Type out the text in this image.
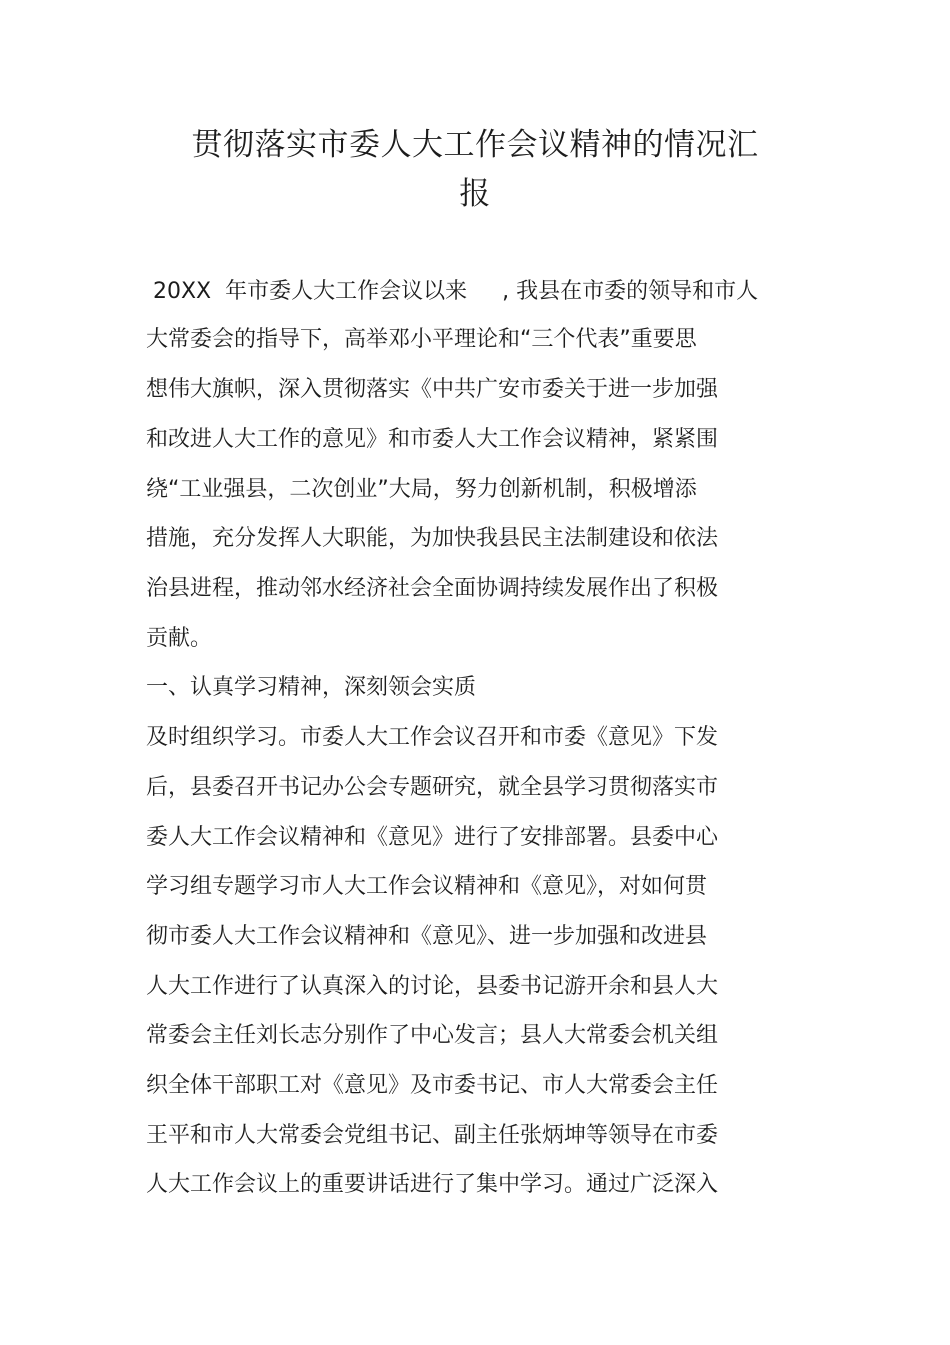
贯彻落实市委人大工作会议精神的情况汇
报
20XX  年市委人大工作会议以来     , 我县在市委的领导和市人
大常委会的指导下，高举邓小平理论和“三个代表”重要思
想伟大旗帜，深入贯彻落实《中共广安市委关于进一步加强
和改进人大工作的意见》和市委人大工作会议精神，紧紧围
绕“工业强县，二次创业”大局，努力创新机制，积极增添
措施，充分发挥人大职能，为加快我县民主法制建设和依法
治县进程，推动邻水经济社会全面协调持续发展作出了积极
贡献。
一、认真学习精神，深刻领会实质
及时组织学习。市委人大工作会议召开和市委《意见》下发
后，县委召开书记办公会专题研究，就全县学习贯彻落实市
委人大工作会议精神和《意见》进行了安排部署。县委中心
学习组专题学习市人大工作会议精神和《意见》，对如何贯
彻市委人大工作会议精神和《意见》、进一步加强和改进县
人大工作进行了认真深入的讨论，县委书记游开余和县人大
常委会主任刘长志分别作了中心发言；县人大常委会机关组
织全体干部职工对《意见》及市委书记、市人大常委会主任
王平和市人大常委会党组书记、副主任张炳坤等领导在市委
人大工作会议上的重要讲话进行了集中学习。通过广泛深入
